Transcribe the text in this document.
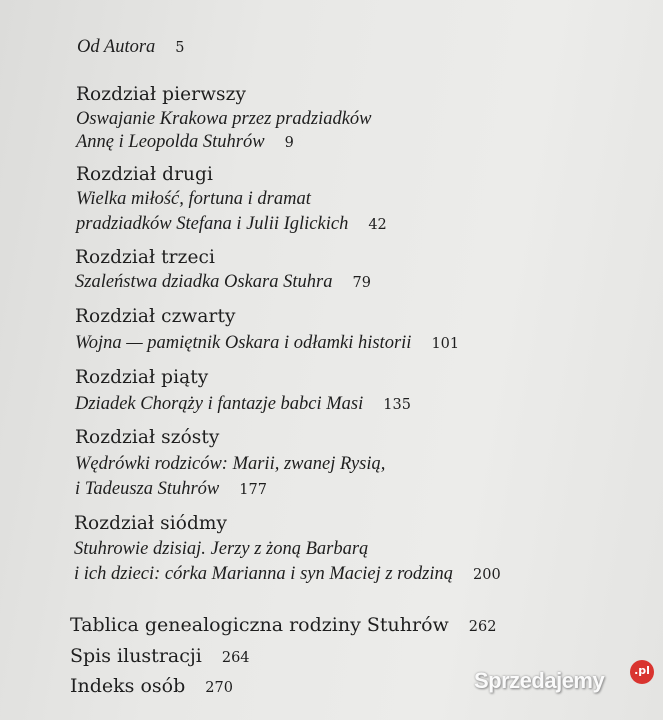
Od Autora 5
Rozdział pierwszy
Oswajanie Krakowa przez pradziadków
Annę i Leopolda Stuhrów 9
Rozdział drugi
Wielka miłość, fortuna i dramat
pradziadków Stefana i Julii Iglickich 42
Rozdział trzeci
Szaleństwa dziadka Oskara Stuhra 79
Rozdział czwarty
Wojna — pamiętnik Oskara i odłamki historii 101
Rozdział piąty
Dziadek Chorąży i fantazje babci Masi 135
Rozdział szósty
Wędrówki rodziców: Marii, zwanej Rysią,
i Tadeusza Stuhrów 177
Rozdział siódmy
Stuhrowie dzisiaj. Jerzy z żoną Barbarą
i ich dzieci: córka Marianna i syn Maciej z rodziną 200
Tablica genealogiczna rodziny Stuhrów 262
Spis ilustracji 264
Indeks osób 270	Sprzedajemy	.pl
